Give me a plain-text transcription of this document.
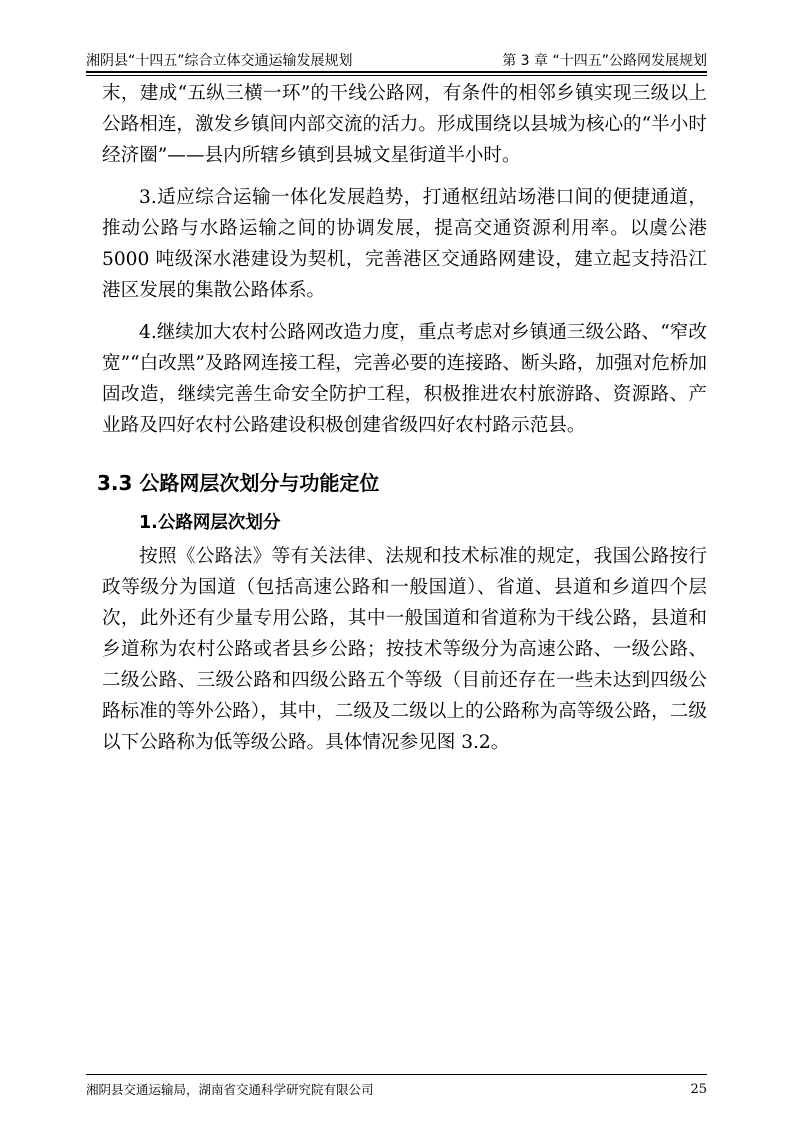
湘阴县“十四五”综合立体交通运输发展规划	第 3 章 “十四五”公路网发展规划

末，建成“五纵三横一环”的干线公路网，有条件的相邻乡镇实现三级以上公路相连，激发乡镇间内部交流的活力。形成围绕以县城为核心的“半小时经济圈”——县内所辖乡镇到县城文星街道半小时。

3.适应综合运输一体化发展趋势，打通枢纽站场港口间的便捷通道，推动公路与水路运输之间的协调发展，提高交通资源利用率。以虞公港 5000 吨级深水港建设为契机，完善港区交通路网建设，建立起支持沿江港区发展的集散公路体系。

4.继续加大农村公路网改造力度，重点考虑对乡镇通三级公路、“窄改宽”“白改黑”及路网连接工程，完善必要的连接路、断头路，加强对危桥加固改造，继续完善生命安全防护工程，积极推进农村旅游路、资源路、产业路及四好农村公路建设积极创建省级四好农村路示范县。

3.3 公路网层次划分与功能定位
1.公路网层次划分

按照《公路法》等有关法律、法规和技术标准的规定，我国公路按行政等级分为国道（包括高速公路和一般国道）、省道、县道和乡道四个层次，此外还有少量专用公路，其中一般国道和省道称为干线公路，县道和乡道称为农村公路或者县乡公路；按技术等级分为高速公路、一级公路、二级公路、三级公路和四级公路五个等级（目前还存在一些未达到四级公路标准的等外公路），其中，二级及二级以上的公路称为高等级公路，二级以下公路称为低等级公路。具体情况参见图 3.2。

湘阴县交通运输局，湖南省交通科学研究院有限公司	25
